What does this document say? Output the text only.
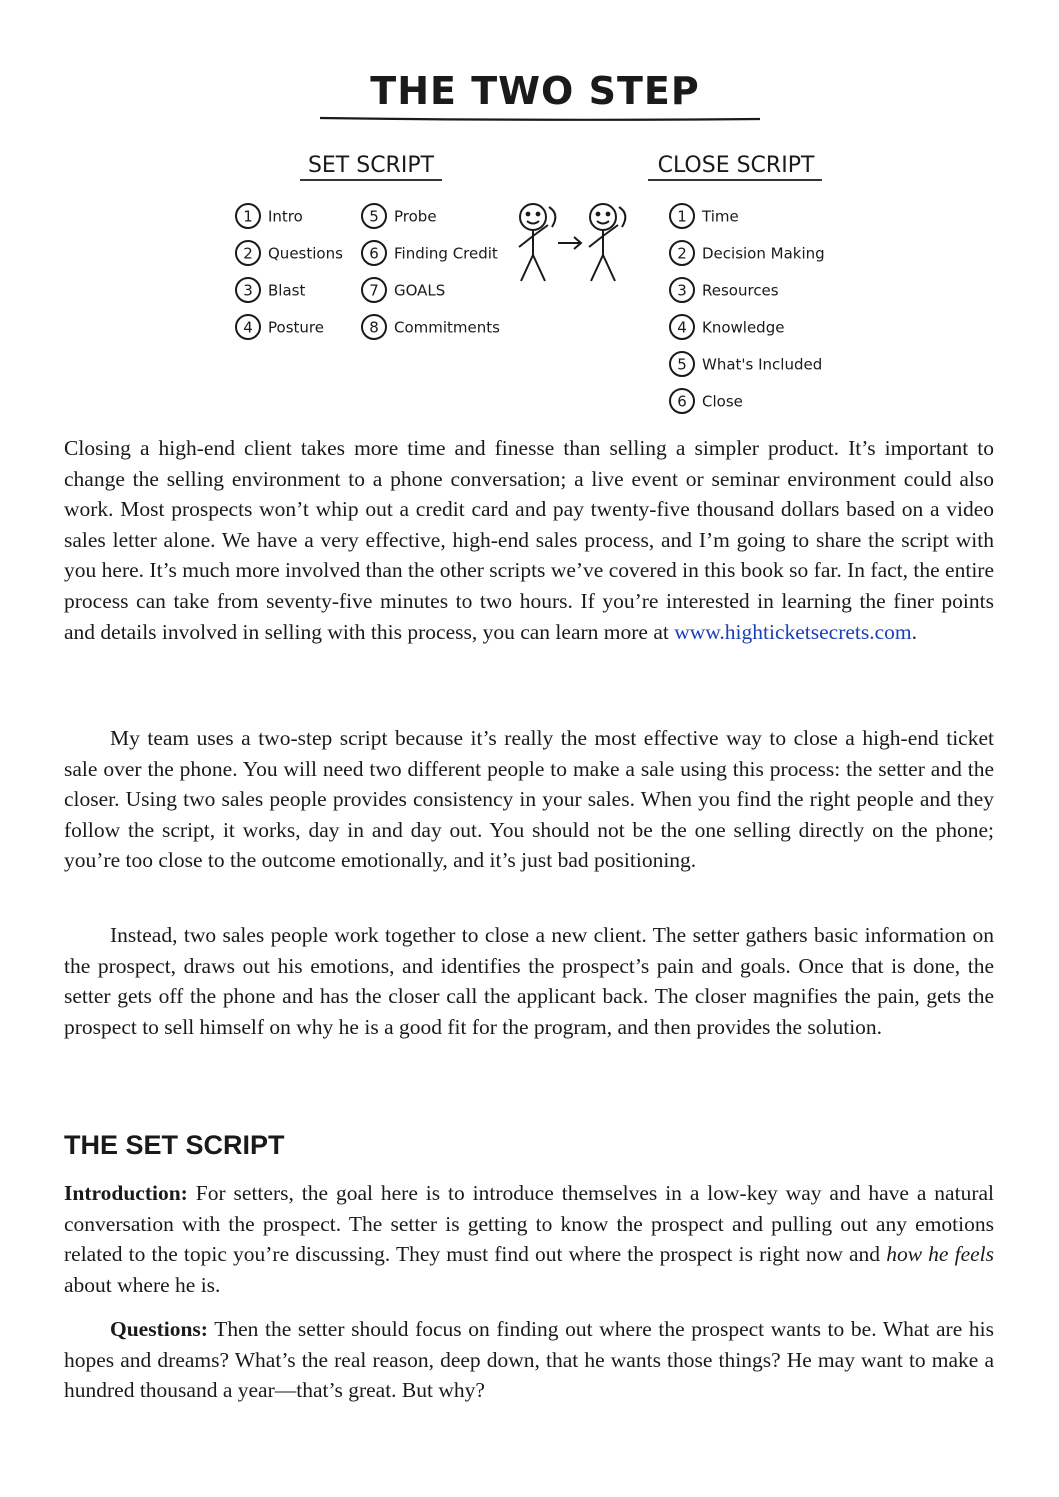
THE TWO STEP
SET SCRIPT	CLOSE SCRIPT
1 Intro
2 Questions
3 Blast
4 Posture
5 Probe
6 Finding Credit
7 GOALS
8 Commitments
1 Time
2 Decision Making
3 Resources
4 Knowledge
5 What's Included
6 Close

Closing a high-end client takes more time and finesse than selling a simpler product. It’s important to change the selling environment to a phone conversation; a live event or seminar environment could also work. Most prospects won’t whip out a credit card and pay twenty-five thousand dollars based on a video sales letter alone. We have a very effective, high-end sales process, and I’m going to share the script with you here. It’s much more involved than the other scripts we’ve covered in this book so far. In fact, the entire process can take from seventy-five minutes to two hours. If you’re interested in learning the finer points and details involved in selling with this process, you can learn more at www.highticketsecrets.com.

My team uses a two-step script because it’s really the most effective way to close a high-end ticket sale over the phone. You will need two different people to make a sale using this process: the setter and the closer. Using two sales people provides consistency in your sales. When you find the right people and they follow the script, it works, day in and day out. You should not be the one selling directly on the phone; you’re too close to the outcome emotionally, and it’s just bad positioning.

Instead, two sales people work together to close a new client. The setter gathers basic information on the prospect, draws out his emotions, and identifies the prospect’s pain and goals. Once that is done, the setter gets off the phone and has the closer call the applicant back. The closer magnifies the pain, gets the prospect to sell himself on why he is a good fit for the program, and then provides the solution.

THE SET SCRIPT

Introduction: For setters, the goal here is to introduce themselves in a low-key way and have a natural conversation with the prospect. The setter is getting to know the prospect and pulling out any emotions related to the topic you’re discussing. They must find out where the prospect is right now and how he feels about where he is.

Questions: Then the setter should focus on finding out where the prospect wants to be. What are his hopes and dreams? What’s the real reason, deep down, that he wants those things? He may want to make a hundred thousand a year—that’s great. But why?
